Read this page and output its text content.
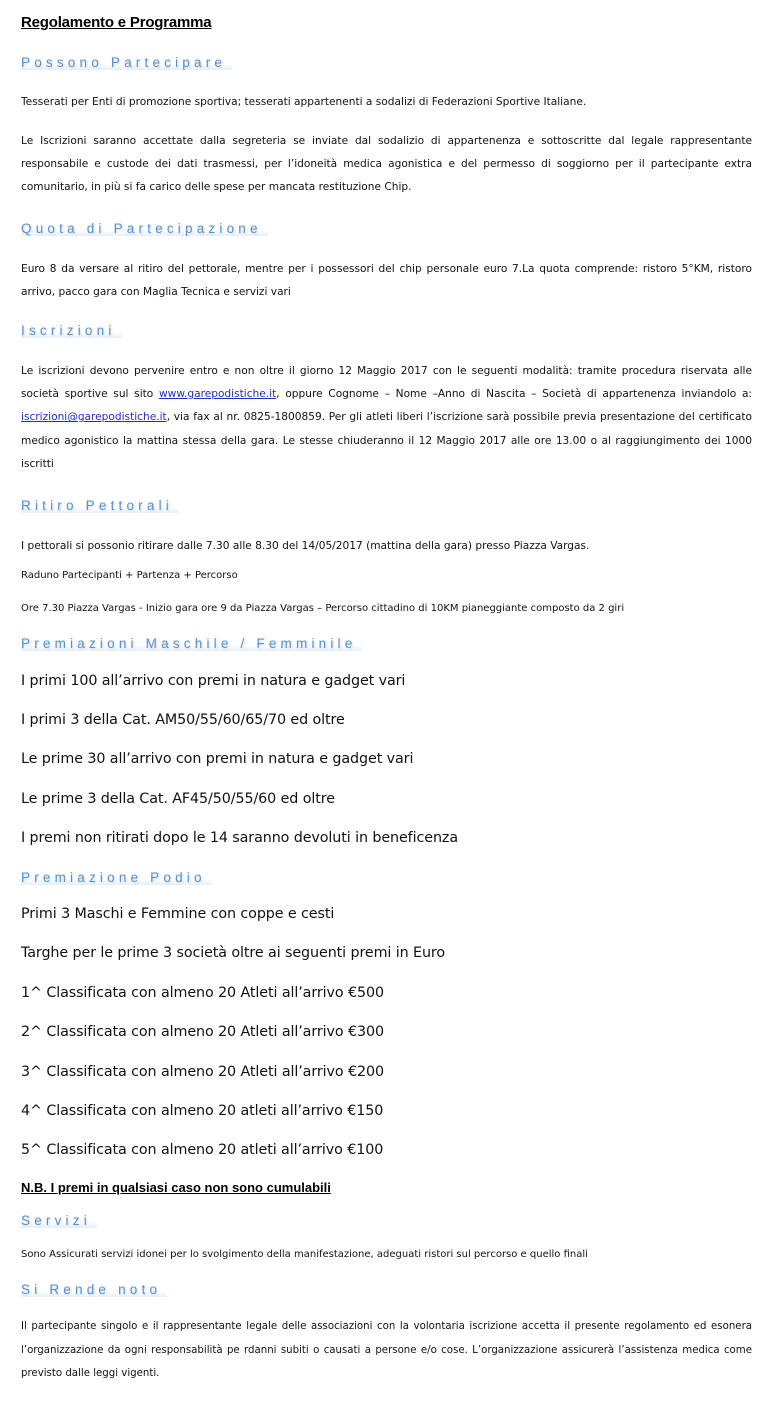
Regolamento e Programma
Possono Partecipare

Tesserati per Enti di promozione sportiva; tesserati appartenenti a sodalizi di Federazioni Sportive Italiane.

Le Iscrizioni saranno accettate dalla segreteria se inviate dal sodalizio di appartenenza e sottoscritte dal legale rappresentante responsabile e custode dei dati trasmessi, per l’idoneità medica agonistica e del permesso di soggiorno per il partecipante extra comunitario, in più si fa carico delle spese per mancata restituzione Chip.

Quota di Partecipazione

Euro 8 da versare al ritiro del pettorale, mentre per i possessori del chip personale euro 7.La quota comprende: ristoro 5°KM, ristoro arrivo, pacco gara con Maglia Tecnica e servizi vari

Iscrizioni

Le iscrizioni devono pervenire entro e non oltre il giorno 12 Maggio 2017 con le seguenti modalità: tramite procedura riservata alle società sportive sul sito www.garepodistiche.it, oppure Cognome – Nome –Anno di Nascita – Società di appartenenza inviandolo a: iscrizioni@garepodistiche.it, via fax al nr. 0825-1800859. Per gli atleti liberi l’iscrizione sarà possibile previa presentazione del certificato medico agonistico la mattina stessa della gara. Le stesse chiuderanno il 12 Maggio 2017 alle ore 13.00 o al raggiungimento dei 1000 iscritti

Ritiro Pettorali

I pettorali si possonio ritirare dalle 7.30 alle 8.30 del 14/05/2017 (mattina della gara) presso Piazza Vargas.

Raduno Partecipanti + Partenza + Percorso
Ore 7.30 Piazza Vargas - Inizio gara ore 9 da Piazza Vargas – Percorso cittadino di 10KM pianeggiante composto da 2 giri
Premiazioni Maschile / Femminile
I primi 100 all’arrivo con premi in natura e gadget vari
I primi 3 della Cat. AM50/55/60/65/70 ed oltre
Le prime 30 all’arrivo con premi in natura e gadget vari
Le prime 3 della Cat. AF45/50/55/60 ed oltre
I premi non ritirati dopo le 14 saranno devoluti in beneficenza
Premiazione Podio
Primi 3 Maschi e Femmine con coppe e cesti
Targhe per le prime 3 società oltre ai seguenti premi in Euro
1^ Classificata con almeno 20 Atleti all’arrivo €500
2^ Classificata con almeno 20 Atleti all’arrivo €300
3^ Classificata con almeno 20 Atleti all’arrivo €200
4^ Classificata con almeno 20 atleti all’arrivo €150
5^ Classificata con almeno 20 atleti all’arrivo €100
N.B. I premi in qualsiasi caso non sono cumulabili
Servizi
Sono Assicurati servizi idonei per lo svolgimento della manifestazione, adeguati ristori sul percorso e quello finali
Si Rende noto

Il partecipante singolo e il rappresentante legale delle associazioni con la volontaria iscrizione accetta il presente regolamento ed esonera l’organizzazione da ogni responsabilità pe rdanni subiti o causati a persone e/o cose. L’organizzazione assicurerà l’assistenza medica come previsto dalle leggi vigenti.
